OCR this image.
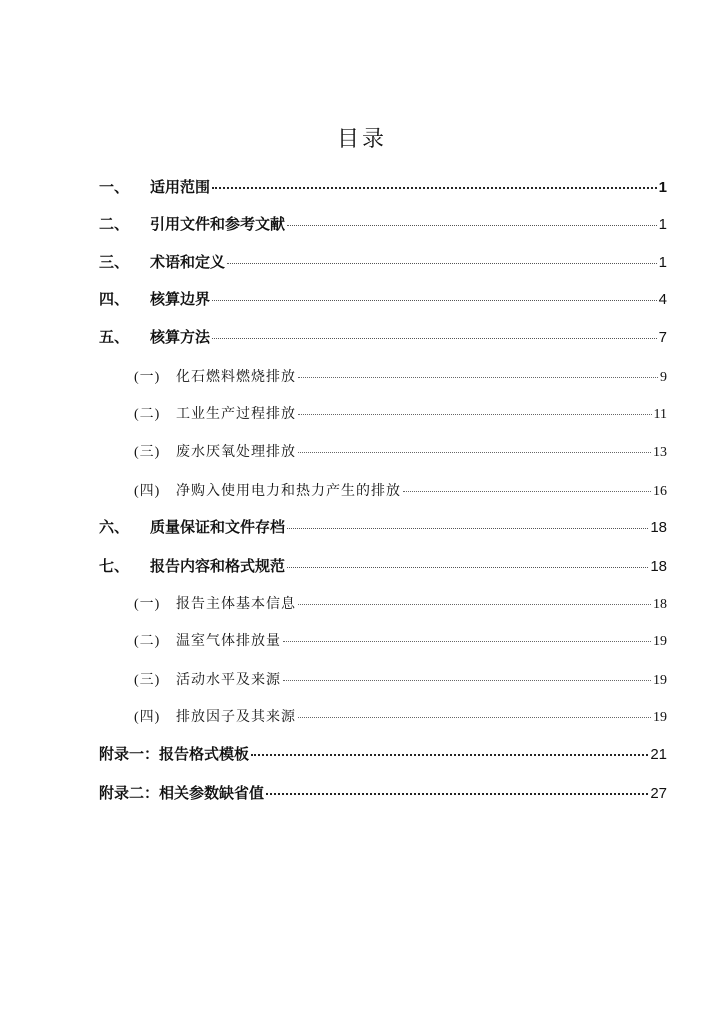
目录
一、	适用范围	1
二、	引用文件和参考文献	1
三、	术语和定义	1
四、	核算边界	4
五、	核算方法	7
(一)	化石燃料燃烧排放	9
(二)	工业生产过程排放	11
(三)	废水厌氧处理排放	13
(四)	净购入使用电力和热力产生的排放	16
六、	质量保证和文件存档	18
七、	报告内容和格式规范	18
(一)	报告主体基本信息	18
(二)	温室气体排放量	19
(三)	活动水平及来源	19
(四)	排放因子及其来源	19
附录一：报告格式模板	21
附录二：相关参数缺省值	27
